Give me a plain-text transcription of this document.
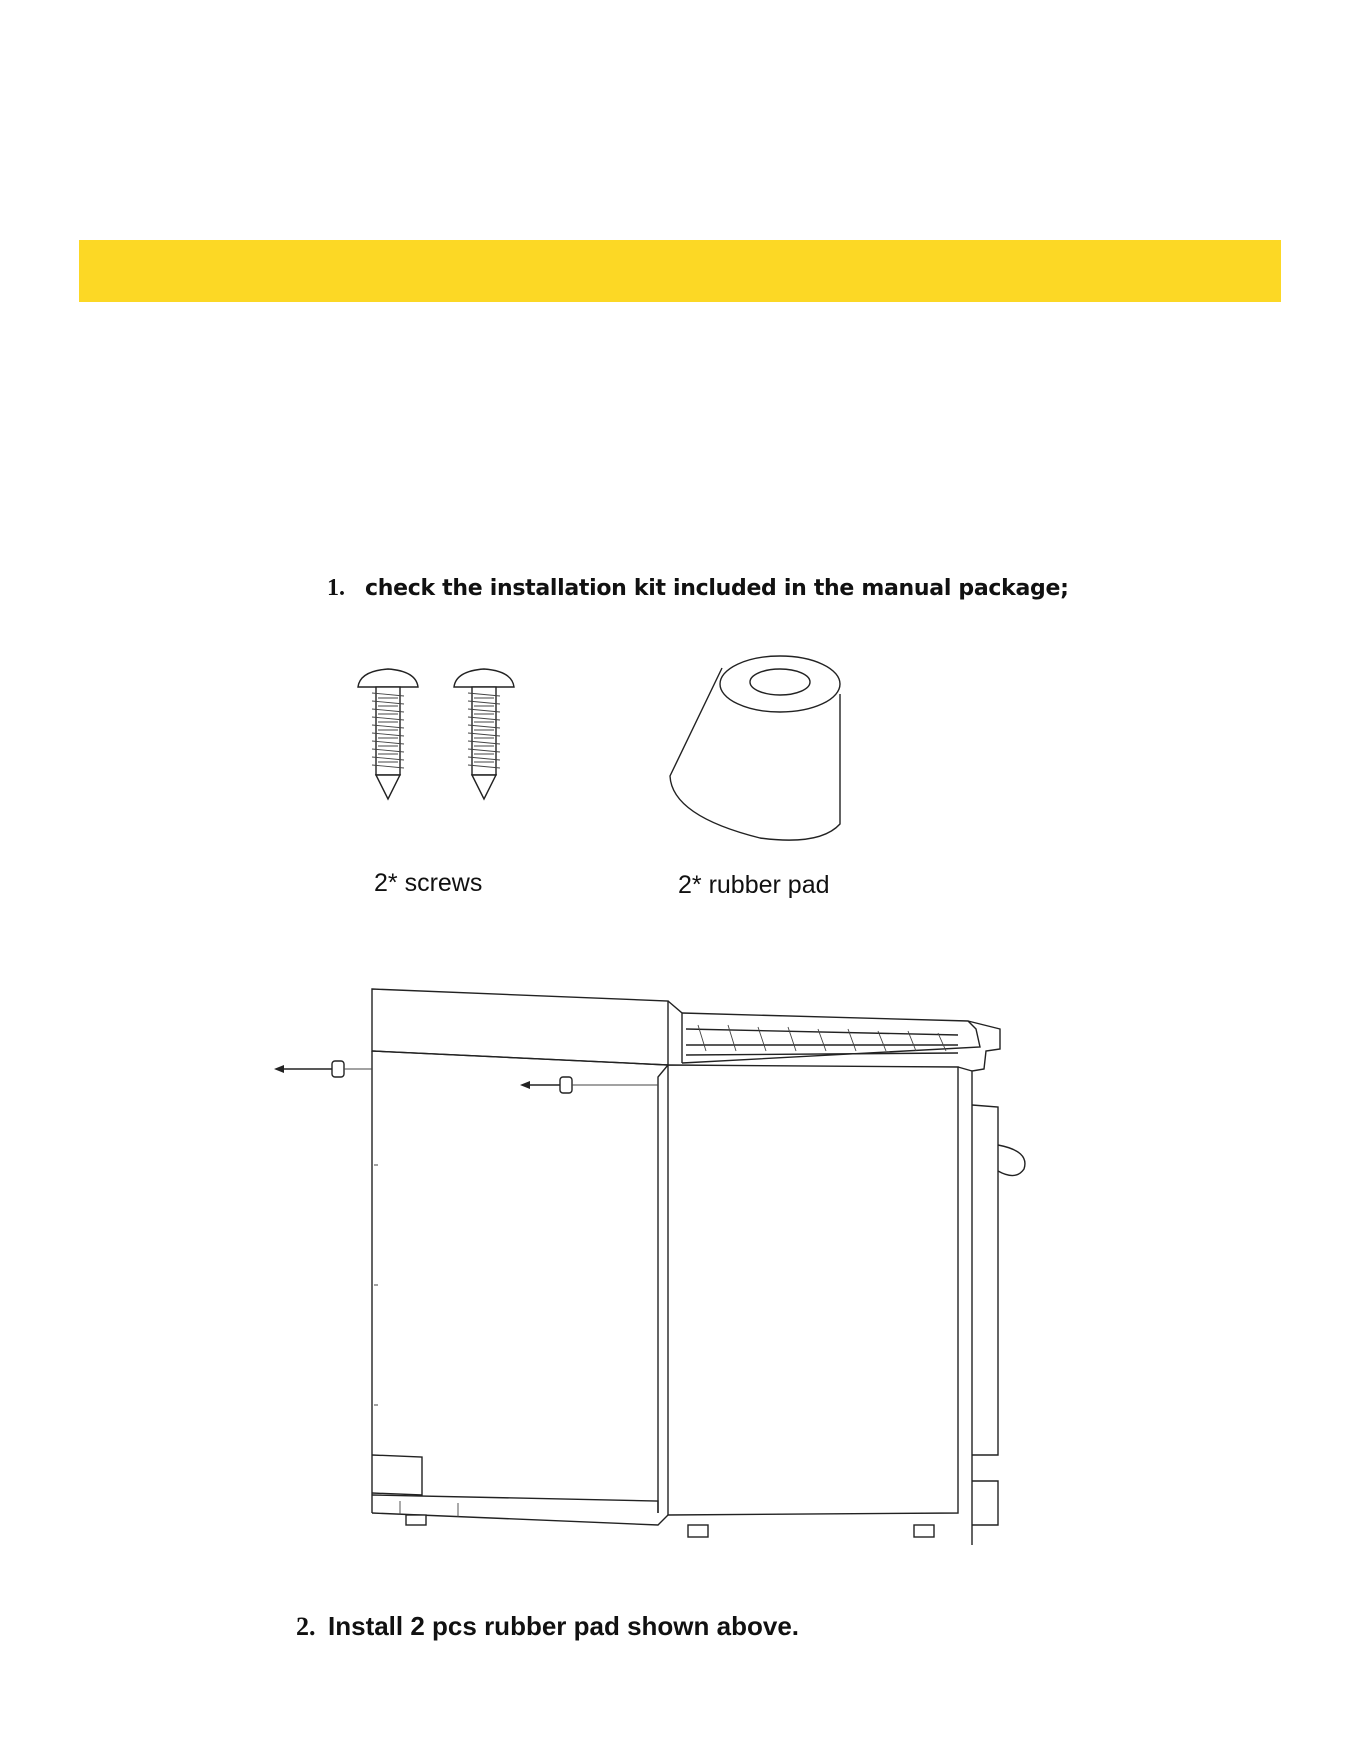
1. check the installation kit included in the manual package;
2* screws	2* rubber pad
2. Install 2 pcs rubber pad shown above.
